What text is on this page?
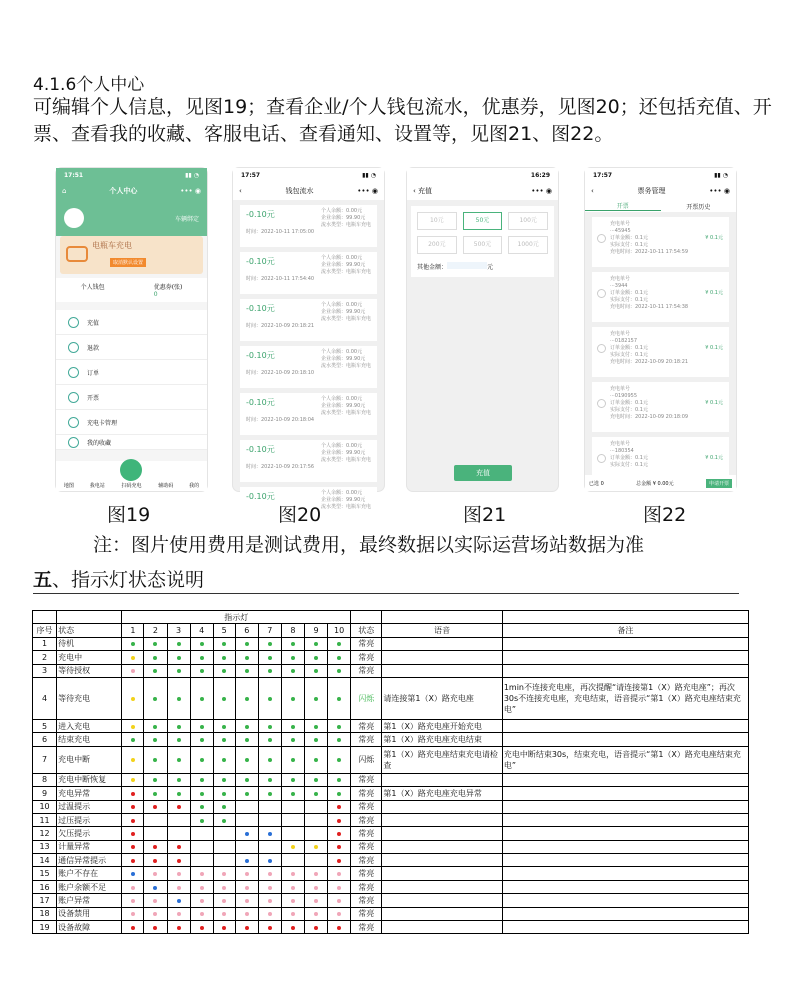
4.1.6个人中心
可编辑个人信息，见图19；查看企业/个人钱包流水，优惠券，见图20；还包括充值、开票、查看我的收藏、客服电话、查看通知、设置等，见图21、图22。
17:51	▮▮ ◔
⌂	个人中心	••• ◉
车辆绑定
电瓶车充电
取消默认设置
个人钱包	优惠券(张)
0
充值
退款
订单
开票
充电卡管理
我的收藏
地图	我电站	扫码充电	辅助码	我的
17:57	▮▮ ◔
‹	钱包流水	••• ◉
-0.10元
时间：2022-10-11 17:05:00
个人余额：0.00元
企业余额：99.90元
流水类型：电瓶车充电
-0.10元
时间：2022-10-11 17:54:40
个人余额：0.00元
企业余额：99.90元
流水类型：电瓶车充电
-0.10元
时间：2022-10-09 20:18:21
个人余额：0.00元
企业余额：99.90元
流水类型：电瓶车充电
-0.10元
时间：2022-10-09 20:18:10
个人余额：0.00元
企业余额：99.90元
流水类型：电瓶车充电
-0.10元
时间：2022-10-09 20:18:04
个人余额：0.00元
企业余额：99.90元
流水类型：电瓶车充电
-0.10元
时间：2022-10-09 20:17:56
个人余额：0.00元
企业余额：99.90元
流水类型：电瓶车充电
-0.10元	个人余额：0.00元
企业余额：99.90元
流水类型：电瓶车充电
16:29
‹ 充值	••• ◉
10元	50元	100元
200元	500元	1000元
其他金额：	元
充值
17:57	▮▮ ◔
‹	票务管理	••• ◉
开票	开票历史
充电单号
···45945
订单金额：0.1元
实际支付：0.1元
充电时间：2022-10-11 17:54:59
¥ 0.1元
充电单号
···3944
订单金额：0.1元
实际支付：0.1元
充电时间：2022-10-11 17:54:38
¥ 0.1元
充电单号
···0182157
订单金额：0.1元
实际支付：0.1元
充电时间：2022-10-09 20:18:21
¥ 0.1元
充电单号
···0190955
订单金额：0.1元
实际支付：0.1元
充电时间：2022-10-09 20:18:09
¥ 0.1元
充电单号
···180354
订单金额：0.1元
实际支付：0.1元
¥ 0.1元
已选 0	总金额 ¥ 0.00元	申请开票
图19	图20	图21	图22
注：图片使用费用是测试费用，最终数据以实际运营场站数据为准
五、指示灯状态说明
		指示灯												
序号	状态	1	2	3	4	5	6	7	8	9	10	状态	语音	备注
1	待机											常亮		
2	充电中											常亮		
3	等待授权											常亮		
4	等待充电											闪烁	请连接第1（X）路充电座	1min不连接充电座，再次提醒“请连接第1（X）路充电座”；再次30s不连接充电座，充电结束，语音提示“第1（X）路充电座结束充电”
5	进入充电											常亮	第1（X）路充电座开始充电	
6	结束充电											常亮	第1（X）路充电座充电结束	
7	充电中断											闪烁	第1（X）路充电座结束充电请检查	充电中断结束30s，结束充电，语音提示“第1（X）路充电座结束充电”
8	充电中断恢复											常亮		
9	充电异常											常亮	第1（X）路充电座充电异常	
10	过温提示											常亮		
11	过压提示											常亮		
12	欠压提示											常亮		
13	计量异常											常亮		
14	通信异常提示											常亮		
15	账户不存在											常亮		
16	账户余额不足											常亮		
17	账户异常											常亮		
18	设备禁用											常亮		
19	设备故障											常亮		
